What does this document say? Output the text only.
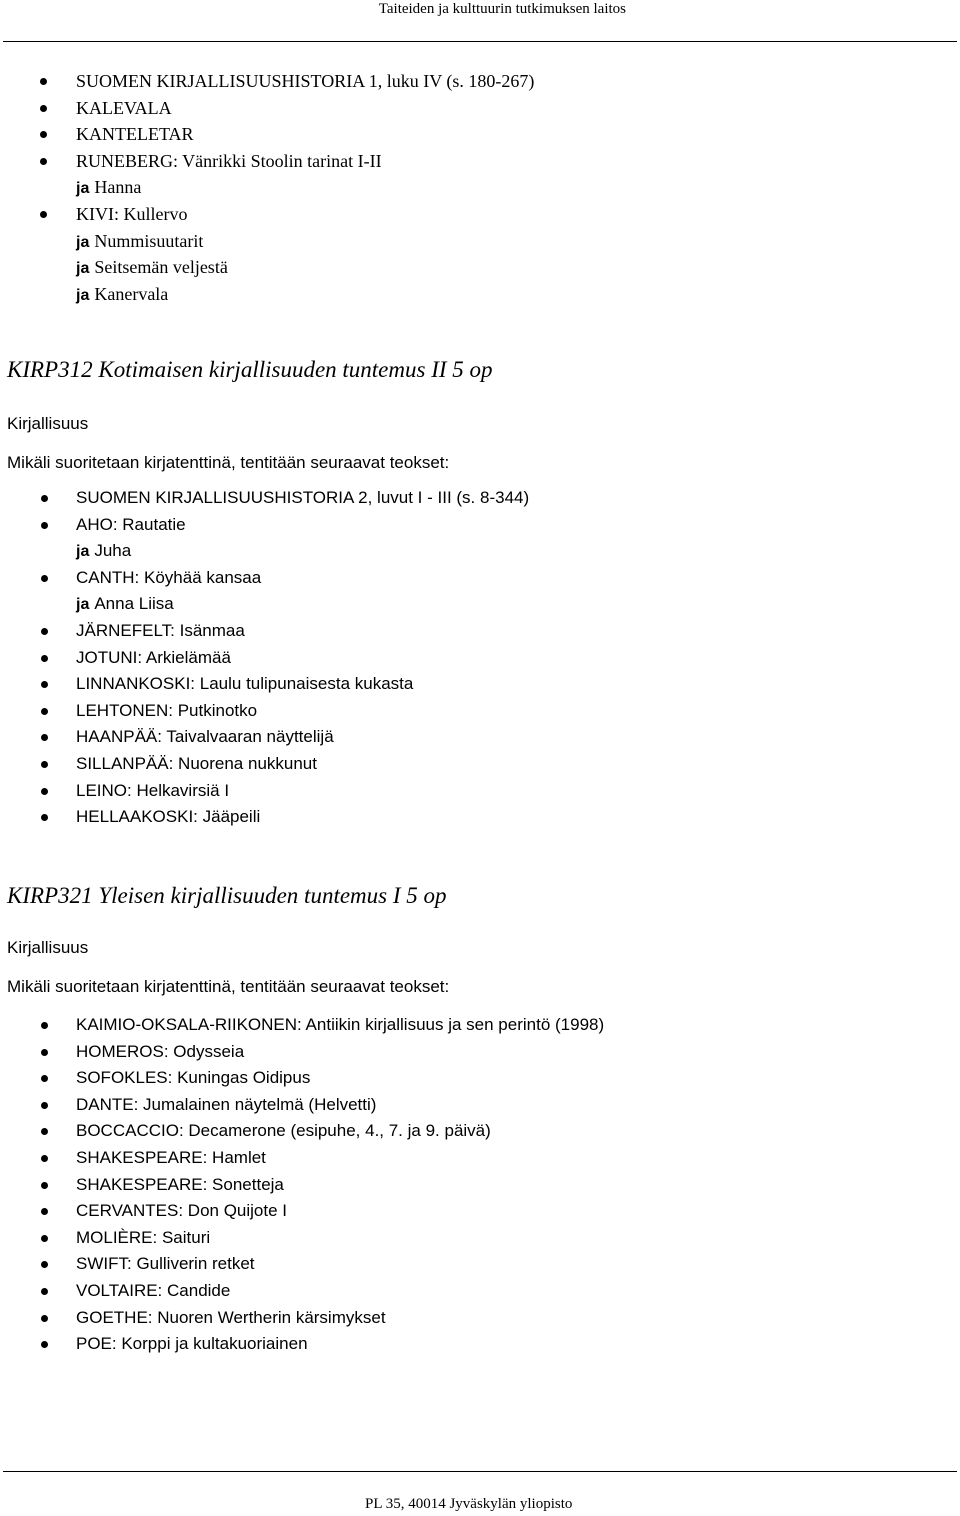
Taiteiden ja kulttuurin tutkimuksen laitos
SUOMEN KIRJALLISUUSHISTORIA 1, luku IV (s. 180-267)
KALEVALA
KANTELETAR
RUNEBERG: Vänrikki Stoolin tarinat I-II
ja Hanna
KIVI: Kullervo
ja Nummisuutarit
ja Seitsemän veljestä
ja Kanervala
KIRP312 Kotimaisen kirjallisuuden tuntemus II 5 op
Kirjallisuus
Mikäli suoritetaan kirjatenttinä, tentitään seuraavat teokset:
SUOMEN KIRJALLISUUSHISTORIA 2, luvut I - III (s. 8-344)
AHO: Rautatie
ja Juha
CANTH: Köyhää kansaa
ja Anna Liisa
JÄRNEFELT: Isänmaa
JOTUNI: Arkielämää
LINNANKOSKI: Laulu tulipunaisesta kukasta
LEHTONEN: Putkinotko
HAANPÄÄ: Taivalvaaran näyttelijä
SILLANPÄÄ: Nuorena nukkunut
LEINO: Helkavirsiä I
HELLAAKOSKI: Jääpeili
KIRP321 Yleisen kirjallisuuden tuntemus I 5 op
Kirjallisuus
Mikäli suoritetaan kirjatenttinä, tentitään seuraavat teokset:
KAIMIO-OKSALA-RIIKONEN: Antiikin kirjallisuus ja sen perintö (1998)
HOMEROS: Odysseia
SOFOKLES: Kuningas Oidipus
DANTE: Jumalainen näytelmä (Helvetti)
BOCCACCIO: Decamerone (esipuhe, 4., 7. ja 9. päivä)
SHAKESPEARE: Hamlet
SHAKESPEARE: Sonetteja
CERVANTES: Don Quijote I
MOLIÈRE: Saituri
SWIFT: Gulliverin retket
VOLTAIRE: Candide
GOETHE: Nuoren Wertherin kärsimykset
POE: Korppi ja kultakuoriainen
PL 35, 40014 Jyväskylän yliopisto
